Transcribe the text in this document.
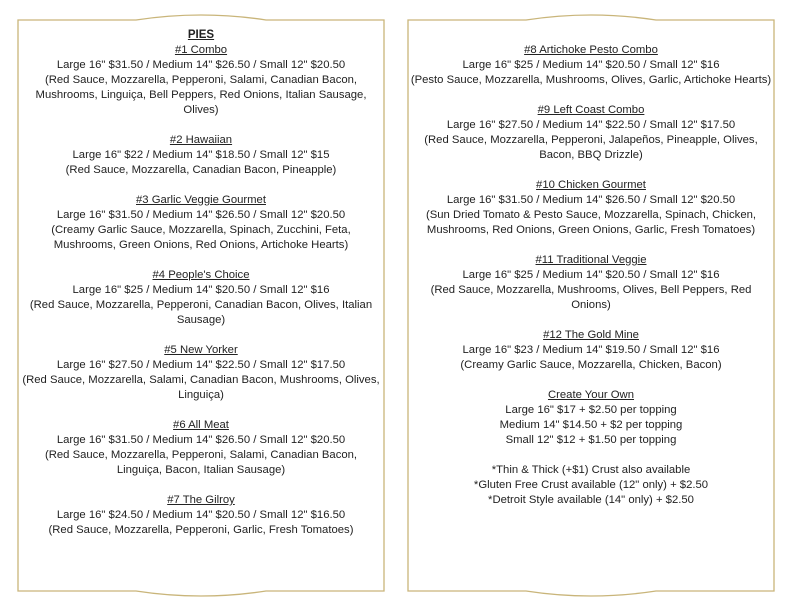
PIES
#1 Combo
Large 16" $31.50 / Medium 14" $26.50 / Small 12" $20.50
(Red Sauce, Mozzarella, Pepperoni, Salami, Canadian Bacon, Mushrooms, Linguiça, Bell Peppers, Red Onions, Italian Sausage, Olives)
#2 Hawaiian
Large 16" $22 / Medium 14" $18.50 / Small 12" $15
(Red Sauce, Mozzarella, Canadian Bacon, Pineapple)
#3 Garlic Veggie Gourmet
Large 16" $31.50 / Medium 14" $26.50 / Small 12" $20.50
(Creamy Garlic Sauce, Mozzarella, Spinach, Zucchini, Feta, Mushrooms, Green Onions, Red Onions, Artichoke Hearts)
#4 People's Choice
Large 16" $25 / Medium 14" $20.50 / Small 12" $16
(Red Sauce, Mozzarella, Pepperoni, Canadian Bacon, Olives, Italian Sausage)
#5 New Yorker
Large 16" $27.50 / Medium 14" $22.50 / Small 12" $17.50
(Red Sauce, Mozzarella, Salami, Canadian Bacon, Mushrooms, Olives, Linguiça)
#6 All Meat
Large 16" $31.50 / Medium 14" $26.50 / Small 12" $20.50
(Red Sauce, Mozzarella, Pepperoni, Salami, Canadian Bacon, Linguiça, Bacon, Italian Sausage)
#7 The Gilroy
Large 16" $24.50 / Medium 14" $20.50 / Small 12" $16.50
(Red Sauce, Mozzarella, Pepperoni, Garlic, Fresh Tomatoes)
#8 Artichoke Pesto Combo
Large 16" $25 / Medium 14" $20.50 / Small 12" $16
(Pesto Sauce, Mozzarella, Mushrooms, Olives, Garlic, Artichoke Hearts)
#9 Left Coast Combo
Large 16" $27.50 / Medium 14" $22.50 / Small 12" $17.50
(Red Sauce, Mozzarella, Pepperoni, Jalapeños, Pineapple, Olives, Bacon, BBQ Drizzle)
#10 Chicken Gourmet
Large 16" $31.50 / Medium 14" $26.50 / Small 12" $20.50
(Sun Dried Tomato & Pesto Sauce, Mozzarella, Spinach, Chicken, Mushrooms, Red Onions, Green Onions, Garlic, Fresh Tomatoes)
#11 Traditional Veggie
Large 16" $25 / Medium 14" $20.50 / Small 12" $16
(Red Sauce, Mozzarella, Mushrooms, Olives, Bell Peppers, Red Onions)
#12 The Gold Mine
Large 16" $23 / Medium 14" $19.50 / Small 12" $16
(Creamy Garlic Sauce, Mozzarella, Chicken, Bacon)
Create Your Own
Large 16" $17 + $2.50 per topping
Medium 14" $14.50 + $2 per topping
Small 12" $12 + $1.50 per topping
*Thin & Thick (+$1) Crust also available
*Gluten Free Crust available (12" only) + $2.50
*Detroit Style available (14" only) + $2.50
